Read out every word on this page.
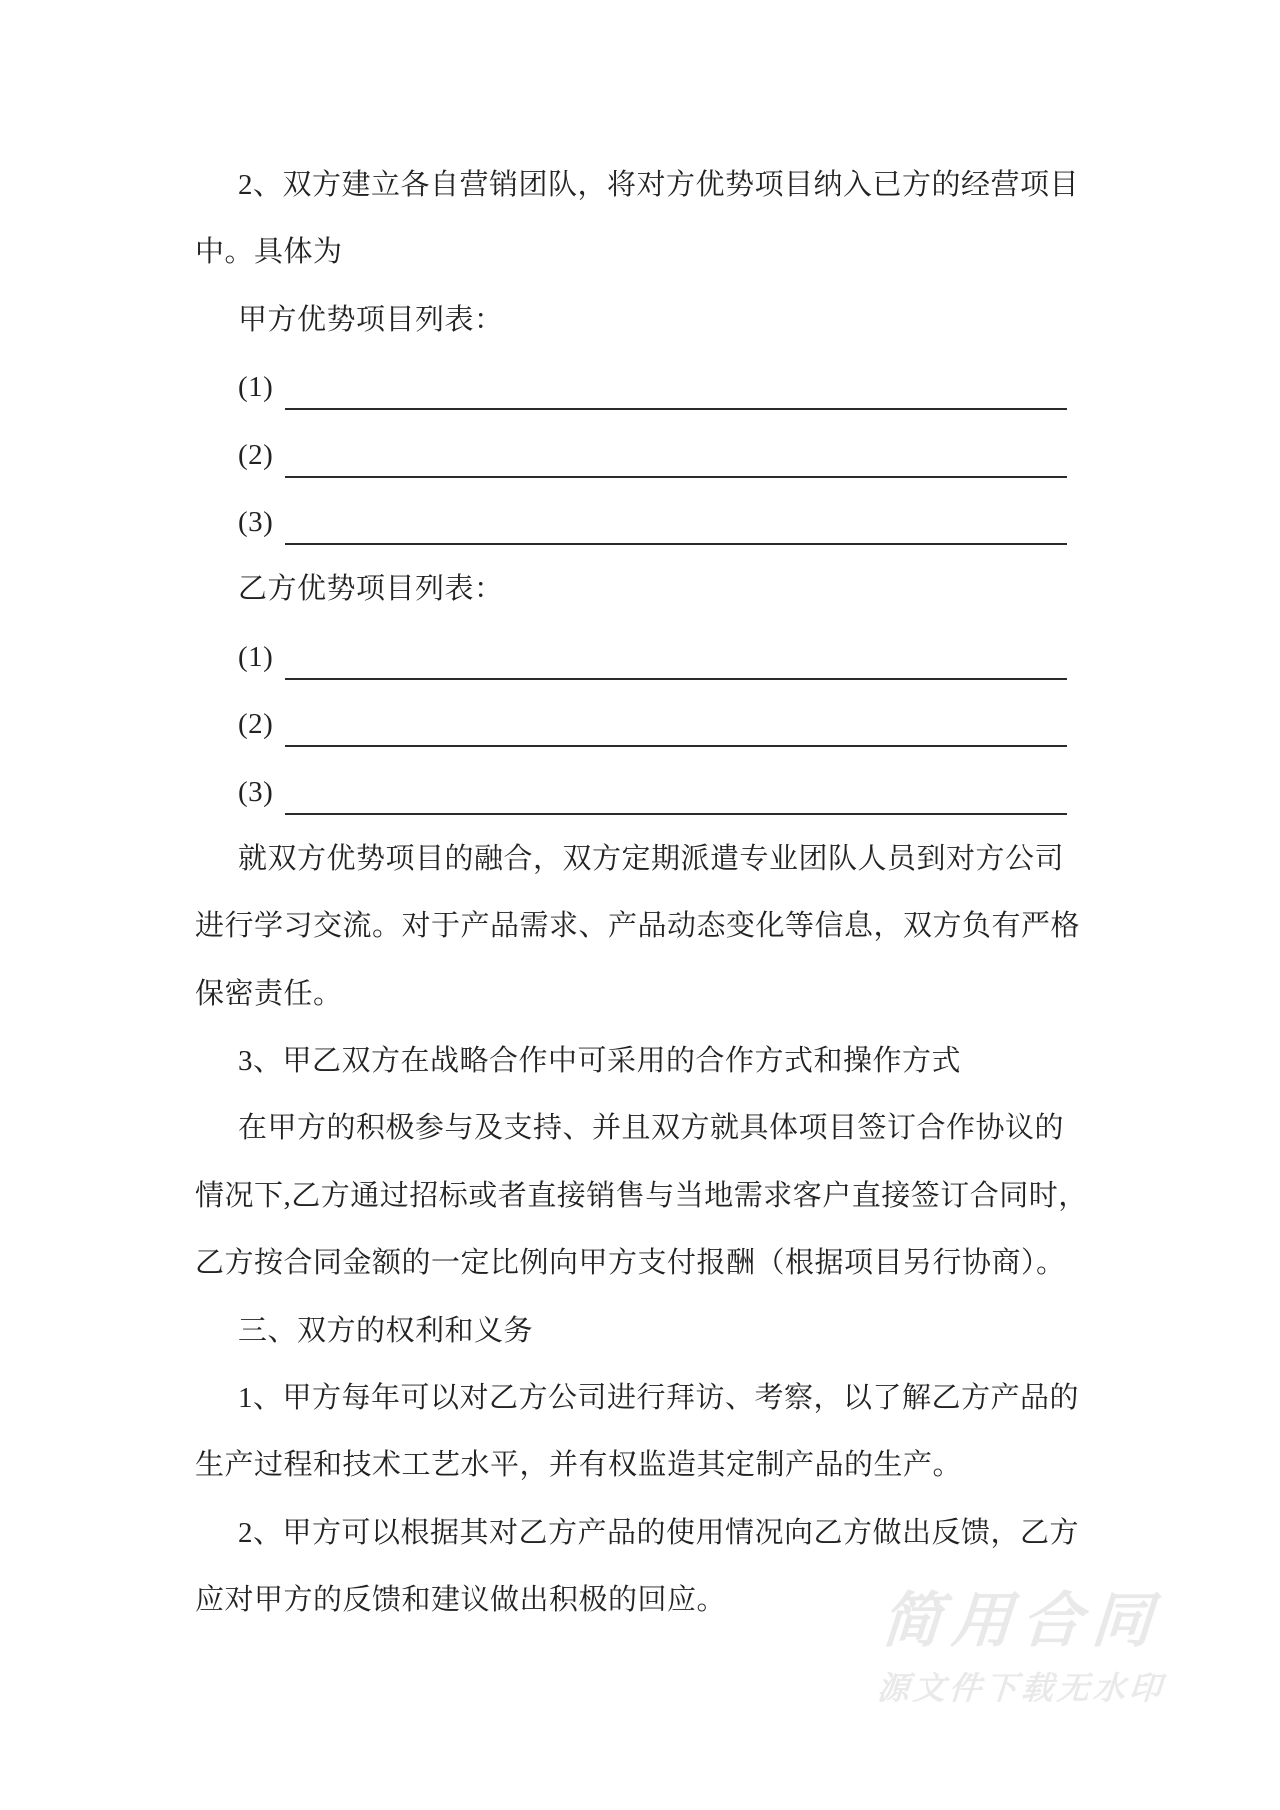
2、双方建立各自营销团队，将对方优势项目纳入已方的经营项目
中。具体为
甲方优势项目列表：
(1)
(2)
(3)
乙方优势项目列表：
(1)
(2)
(3)
就双方优势项目的融合，双方定期派遣专业团队人员到对方公司
进行学习交流。对于产品需求、产品动态变化等信息，双方负有严格
保密责任。
3、甲乙双方在战略合作中可采用的合作方式和操作方式
在甲方的积极参与及支持、并且双方就具体项目签订合作协议的
情况下,乙方通过招标或者直接销售与当地需求客户直接签订合同时，
乙方按合同金额的一定比例向甲方支付报酬（根据项目另行协商）。
三、双方的权利和义务
1、甲方每年可以对乙方公司进行拜访、考察，以了解乙方产品的
生产过程和技术工艺水平，并有权监造其定制产品的生产。
2、甲方可以根据其对乙方产品的使用情况向乙方做出反馈，乙方
应对甲方的反馈和建议做出积极的回应。	简用合同
源文件下载无水印
